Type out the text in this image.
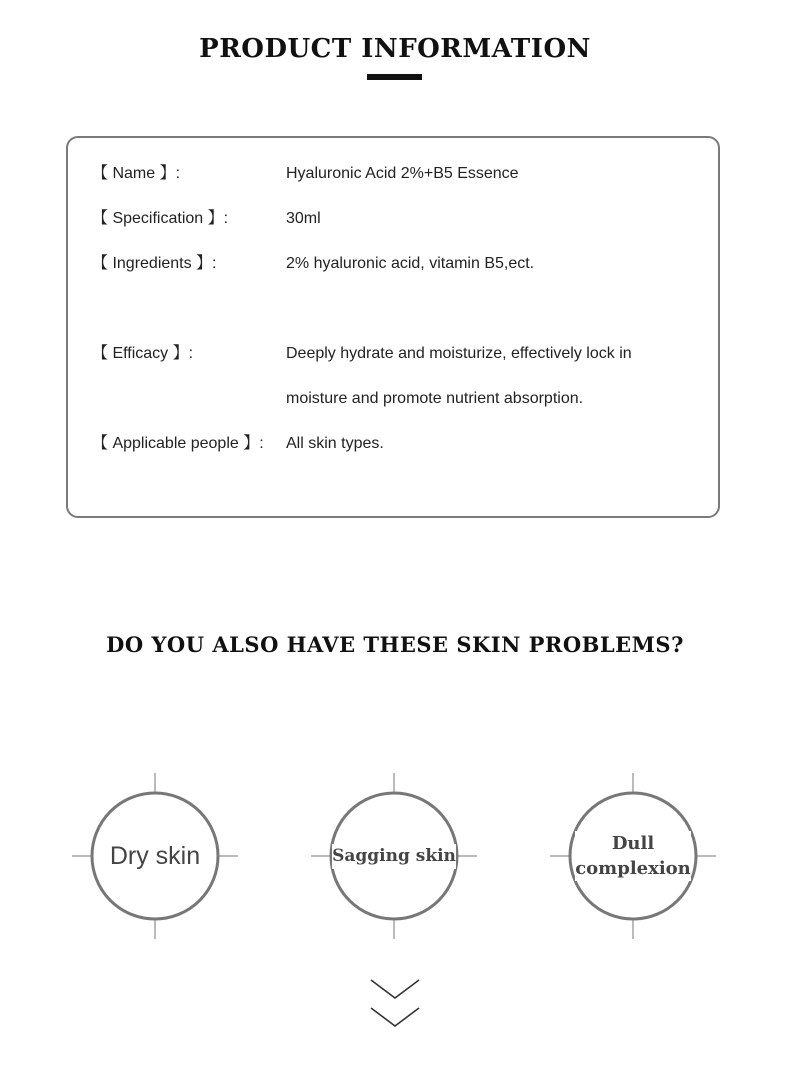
PRODUCT INFORMATION
【 Name 】:	Hyaluronic Acid 2%+B5 Essence
【 Specification 】:	30ml
【 Ingredients 】:	2% hyaluronic acid, vitamin B5,ect.
【 Efficacy 】:	Deeply hydrate and moisturize, effectively lock in
moisture and promote nutrient absorption.
【 Applicable people 】: All skin types.
DO YOU ALSO HAVE THESE SKIN PROBLEMS?
Dry skin	Sagging skin
Dull
complexion
